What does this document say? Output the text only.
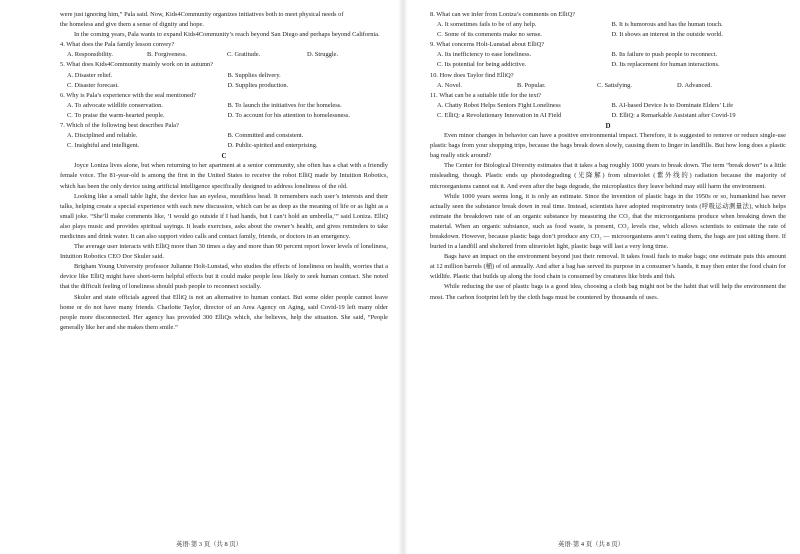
were just ignoring him,” Pala said. Now, Kids4Community organizes initiatives both to meet physical needs of

the homeless and give them a sense of dignity and hope.

In the coming years, Pala wants to expand Kids4Community’s reach beyond San Diego and perhaps beyond California.

4. What does the Pala family lesson convey?

A. Responsibility.	B. Forgiveness.	C. Gratitude.	D. Struggle.

5. What does Kids4Community mainly work on in autumn?

A. Disaster relief.	B. Supplies delivery.
C. Disaster forecast.	D. Supplies production.

6. Why is Pala’s experience with the seal mentioned?

A. To advocate wildlife conservation.	B. To launch the initiatives for the homeless.
C. To praise the warm-hearted people.	D. To account for his attention to homelessness.

7. Which of the following best describes Pala?

A. Disciplined and reliable.	B. Committed and consistent.
C. Insightful and intelligent.	D. Public-spirited and enterprising.

C

Joyce Loniza lives alone, but when returning to her apartment at a senior community, she often has a chat with a friendly female voice. The 81-year-old is among the first in the United States to receive the robot ElliQ made by Intuition Robotics, which has been the only device using artificial intelligence specifically designed to address loneliness of the old.

Looking like a small table light, the device has an eyeless, mouthless head. It remembers each user’s interests and their talks, helping create a special experience with each new discussion, which can be as deep as the meaning of life or as light as a small joke. “She’ll make comments like, ‘I would go outside if I had hands, but I can’t hold an umbrella,’” said Loniza. ElliQ also plays music and provides spiritual sayings. It leads exercises, asks about the owner’s health, and gives reminders to take medicines and drink water. It can also support video calls and contact family, friends, or doctors in an emergency.

The average user interacts with ElliQ more than 30 times a day and more than 90 percent report lower levels of loneliness, Intuition Robotics CEO Dor Skuler said.

Brigham Young University professor Julianne Holt-Lunstad, who studies the effects of loneliness on health, worries that a device like ElliQ might have short-term helpful effects but it could make people less likely to seek human contact. She noted that the difficult feeling of loneliness should push people to reconnect socially.

Skuler and state officials agreed that ElliQ is not an alternative to human contact. But some older people cannot leave home or do not have many friends. Charlotte Taylor, director of an Area Agency on Aging, said Covid-19 left many older people more disconnected. Her agency has provided 300 ElliQs which, she believes, help the situation. She said, “People generally like her and she makes them smile.”

英语·第 3 页（共 8 页）

8. What can we infer from Loniza’s comments on ElliQ?

A. It sometimes fails to be of any help.	B. It is humorous and has the human touch.
C. Some of its comments make no sense.	D. It shows an interest in the outside world.

9. What concerns Holt-Lunstad about ElliQ?

A. Its inefficiency to ease loneliness.	B. Its failure to push people to reconnect.
C. Its potential for being addictive.	D. Its replacement for human interactions.

10. How does Taylor find ElliQ?

A. Novel.	B. Popular.	C. Satisfying.	D. Advanced.

11. What can be a suitable title for the text?

A. Chatty Robot Helps Seniors Fight Loneliness	B. AI-based Device Is to Dominate Elders’ Life
C. ElliQ: a Revolutionary Innovation in AI Field	D. ElliQ: a Remarkable Assistant after Covid-19

D

Even minor changes in behavior can have a positive environmental impact. Therefore, it is suggested to remove or reduce single-use plastic bags from your shopping trips, because the bags break down slowly, causing them to linger in landfills. But how long does a plastic bag really stick around?

The Center for Biological Diversity estimates that it takes a bag roughly 1000 years to break down. The term “break down” is a little misleading, though. Plastic ends up photodegrading (光降解) from ultraviolet (紫外线的) radiation because the majority of microorganisms cannot eat it. And even after the bags degrade, the microplastics they leave behind may still harm the environment.

While 1000 years seems long, it is only an estimate. Since the invention of plastic bags in the 1950s or so, humankind has never actually seen the substance break down in real time. Instead, scientists have adopted respirometry tests (呼吸运动测量法), which helps estimate the breakdown rate of an organic substance by measuring the CO₂ that the microorganisms produce when breaking down the material. When an organic substance, such as food waste, is present, CO₂ levels rise, which allows scientists to estimate the rate of breakdown. However, because plastic bags don’t produce any CO₂ — microorganisms aren’t eating them, the bags are just sitting there. If buried in a landfill and sheltered from ultraviolet light, plastic bags will last a very long time.

Bags have an impact on the environment beyond just their removal. It takes fossil fuels to make bags; one estimate puts this amount at 12 million barrels (桶) of oil annually. And after a bag has served its purpose in a consumer’s hands, it may then enter the food chain for wildlife. Plastic that builds up along the food chain is consumed by creatures like birds and fish.

While reducing the use of plastic bags is a good idea, choosing a cloth bag might not be the habit that will help the environment the most. The carbon footprint left by the cloth bags must be countered by thousands of uses.

英语·第 4 页（共 8 页）
